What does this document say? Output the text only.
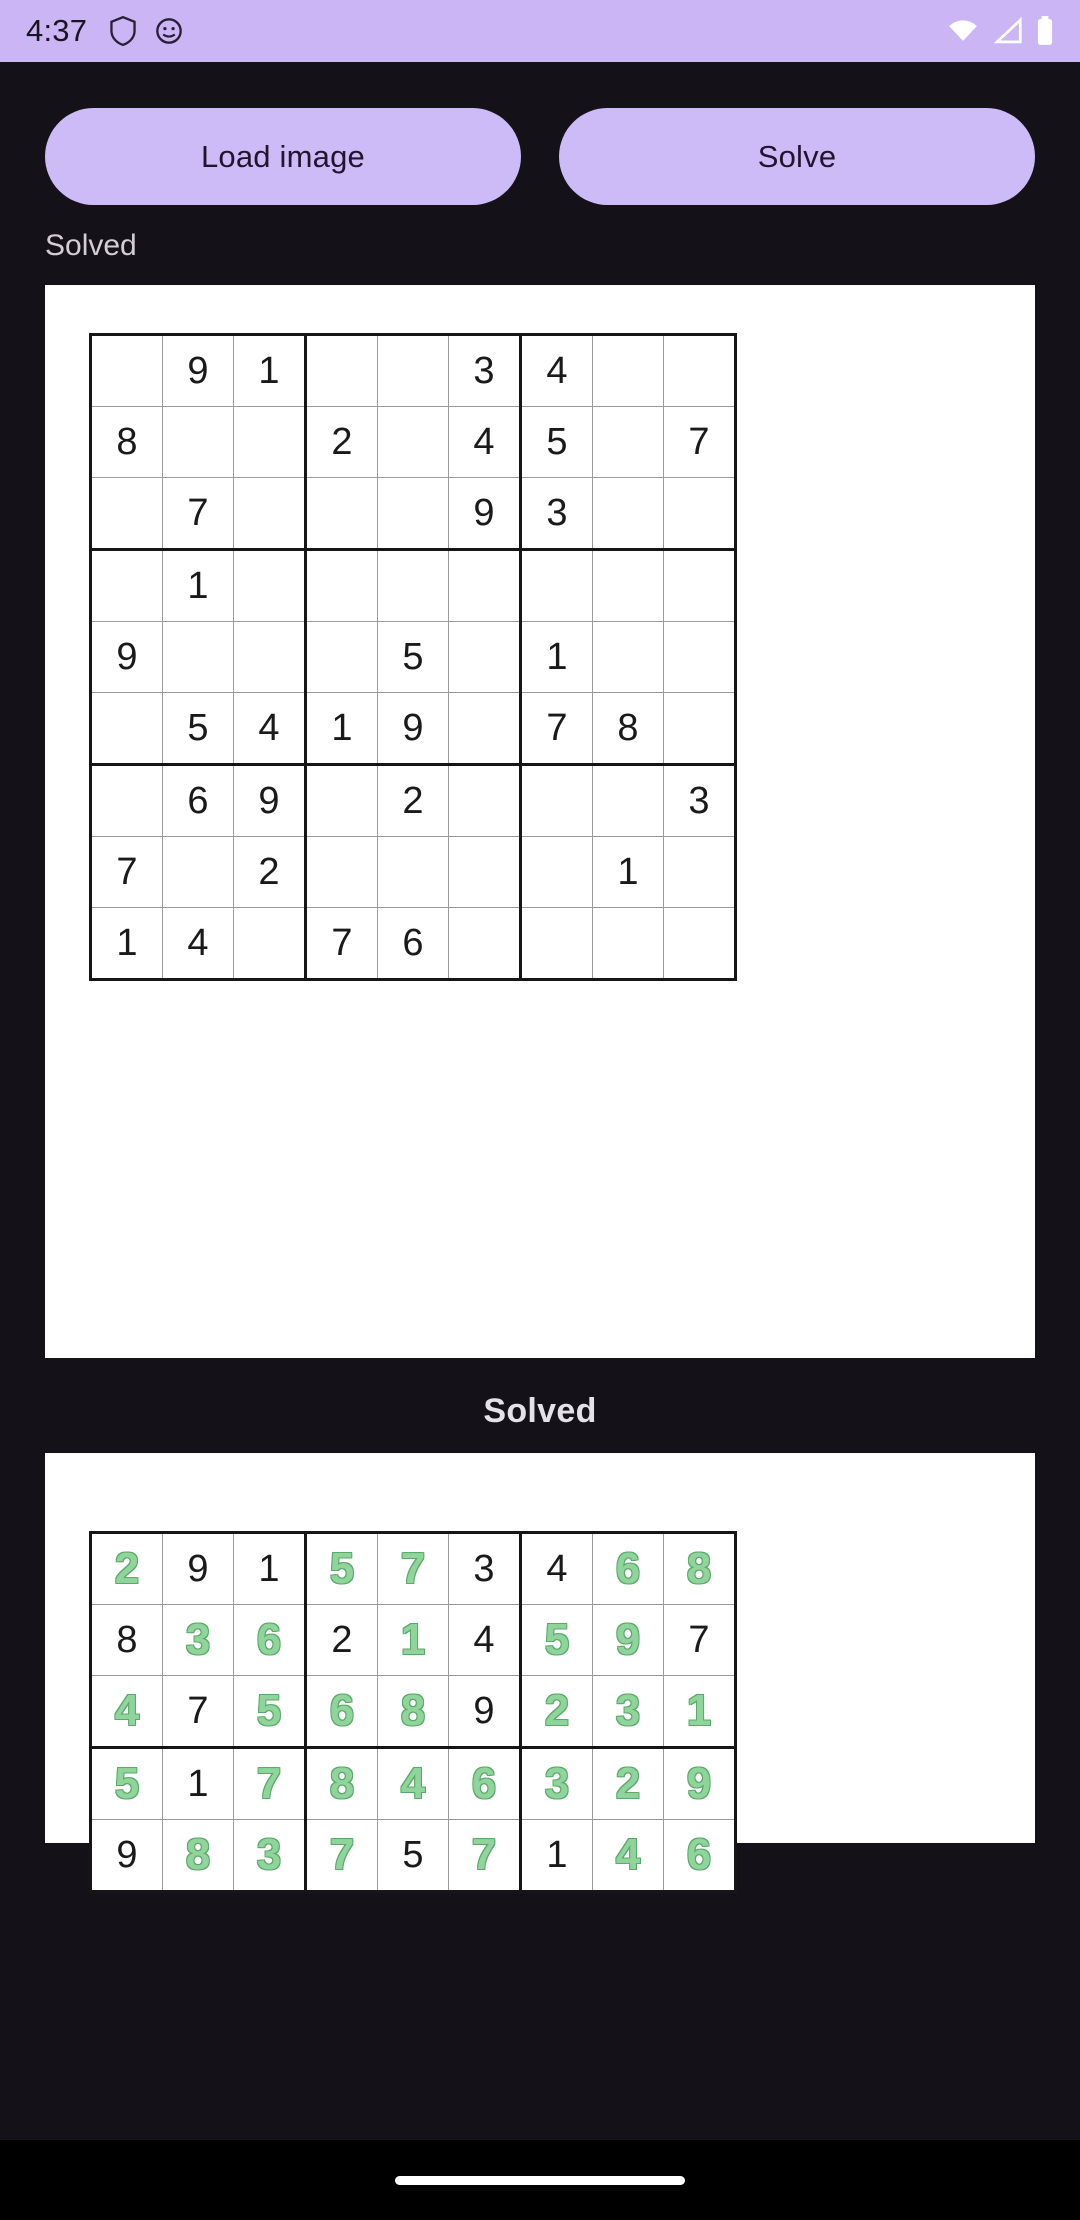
4:37
Load image	Solve
Solved
	9	1			3	4		
8			2		4	5		7
	7				9	3		
	1							
9				5		1		
	5	4	1	9		7	8	
	6	9		2				3
7		2					1	
1	4		7	6				
Solved
2	9	1	5	7	3	4	6	8
8	3	6	2	1	4	5	9	7
4	7	5	6	8	9	2	3	1
5	1	7	8	4	6	3	2	9
9	8	3	7	5	7	1	4	6
